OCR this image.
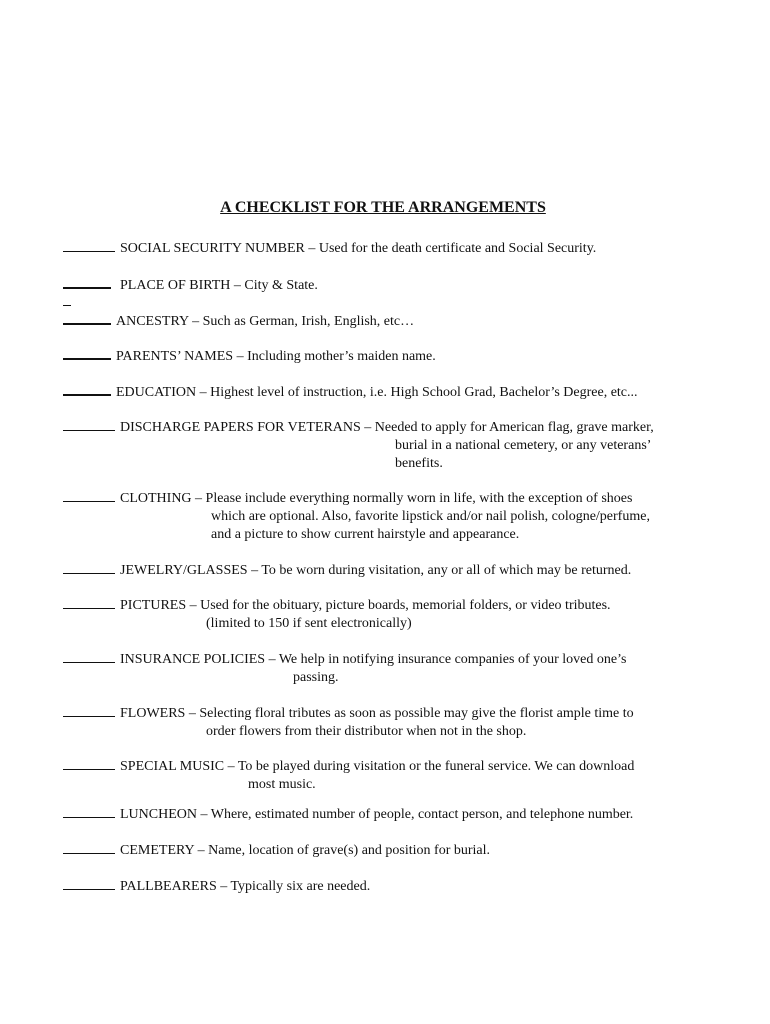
A CHECKLIST FOR THE ARRANGEMENTS
SOCIAL SECURITY NUMBER – Used for the death certificate and Social Security.
PLACE OF BIRTH – City & State.
ANCESTRY – Such as German, Irish, English, etc…
PARENTS’ NAMES – Including mother’s maiden name.
EDUCATION – Highest level of instruction, i.e. High School Grad, Bachelor’s Degree, etc...
DISCHARGE PAPERS FOR VETERANS – Needed to apply for American flag, grave marker,
burial in a national cemetery, or any veterans’
benefits.
CLOTHING – Please include everything normally worn in life, with the exception of shoes
which are optional. Also, favorite lipstick and/or nail polish, cologne/perfume,
and a picture to show current hairstyle and appearance.
JEWELRY/GLASSES – To be worn during visitation, any or all of which may be returned.
PICTURES – Used for the obituary, picture boards, memorial folders, or video tributes.
(limited to 150 if sent electronically)
INSURANCE POLICIES – We help in notifying insurance companies of your loved one’s
passing.
FLOWERS – Selecting floral tributes as soon as possible may give the florist ample time to
order flowers from their distributor when not in the shop.
SPECIAL MUSIC – To be played during visitation or the funeral service. We can download
most music.
LUNCHEON – Where, estimated number of people, contact person, and telephone number.
CEMETERY – Name, location of grave(s) and position for burial.
PALLBEARERS – Typically six are needed.
